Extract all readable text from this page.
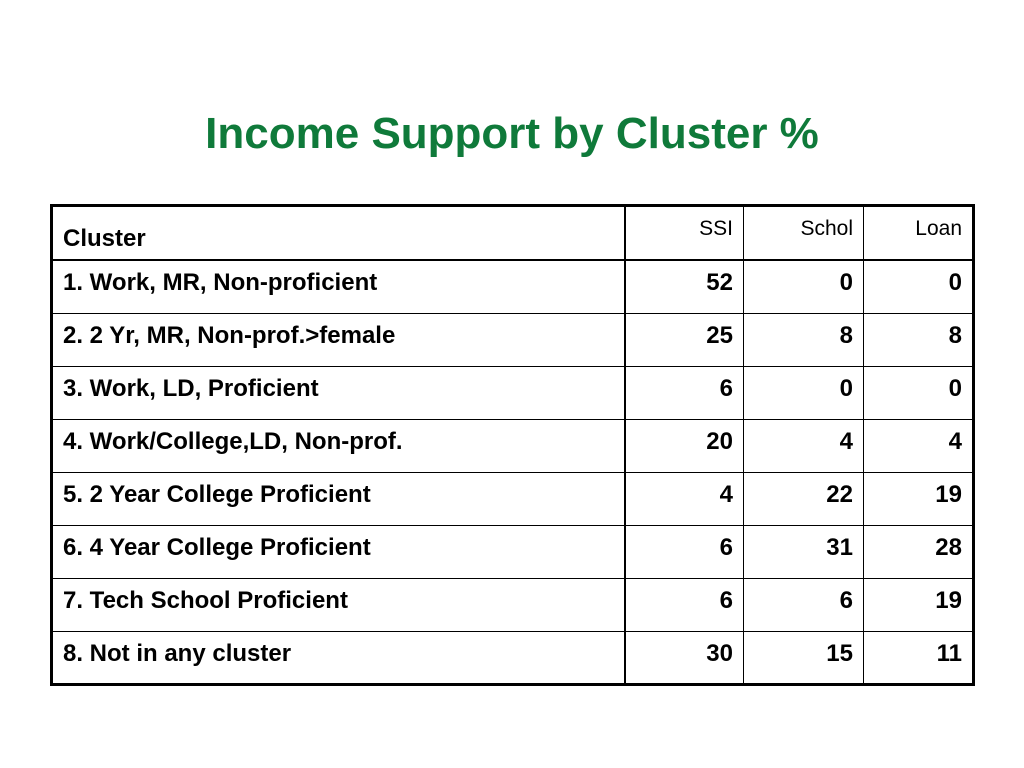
Income Support by Cluster %
Cluster	SSI	Schol	Loan
1. Work, MR, Non-proficient	52	0	0
2. 2 Yr, MR, Non-prof.>female	25	8	8
3. Work, LD, Proficient	6	0	0
4. Work/College,LD, Non-prof.	20	4	4
5. 2 Year College Proficient	4	22	19
6. 4 Year College Proficient	6	31	28
7. Tech School Proficient	6	6	19
8. Not in any cluster	30	15	11
